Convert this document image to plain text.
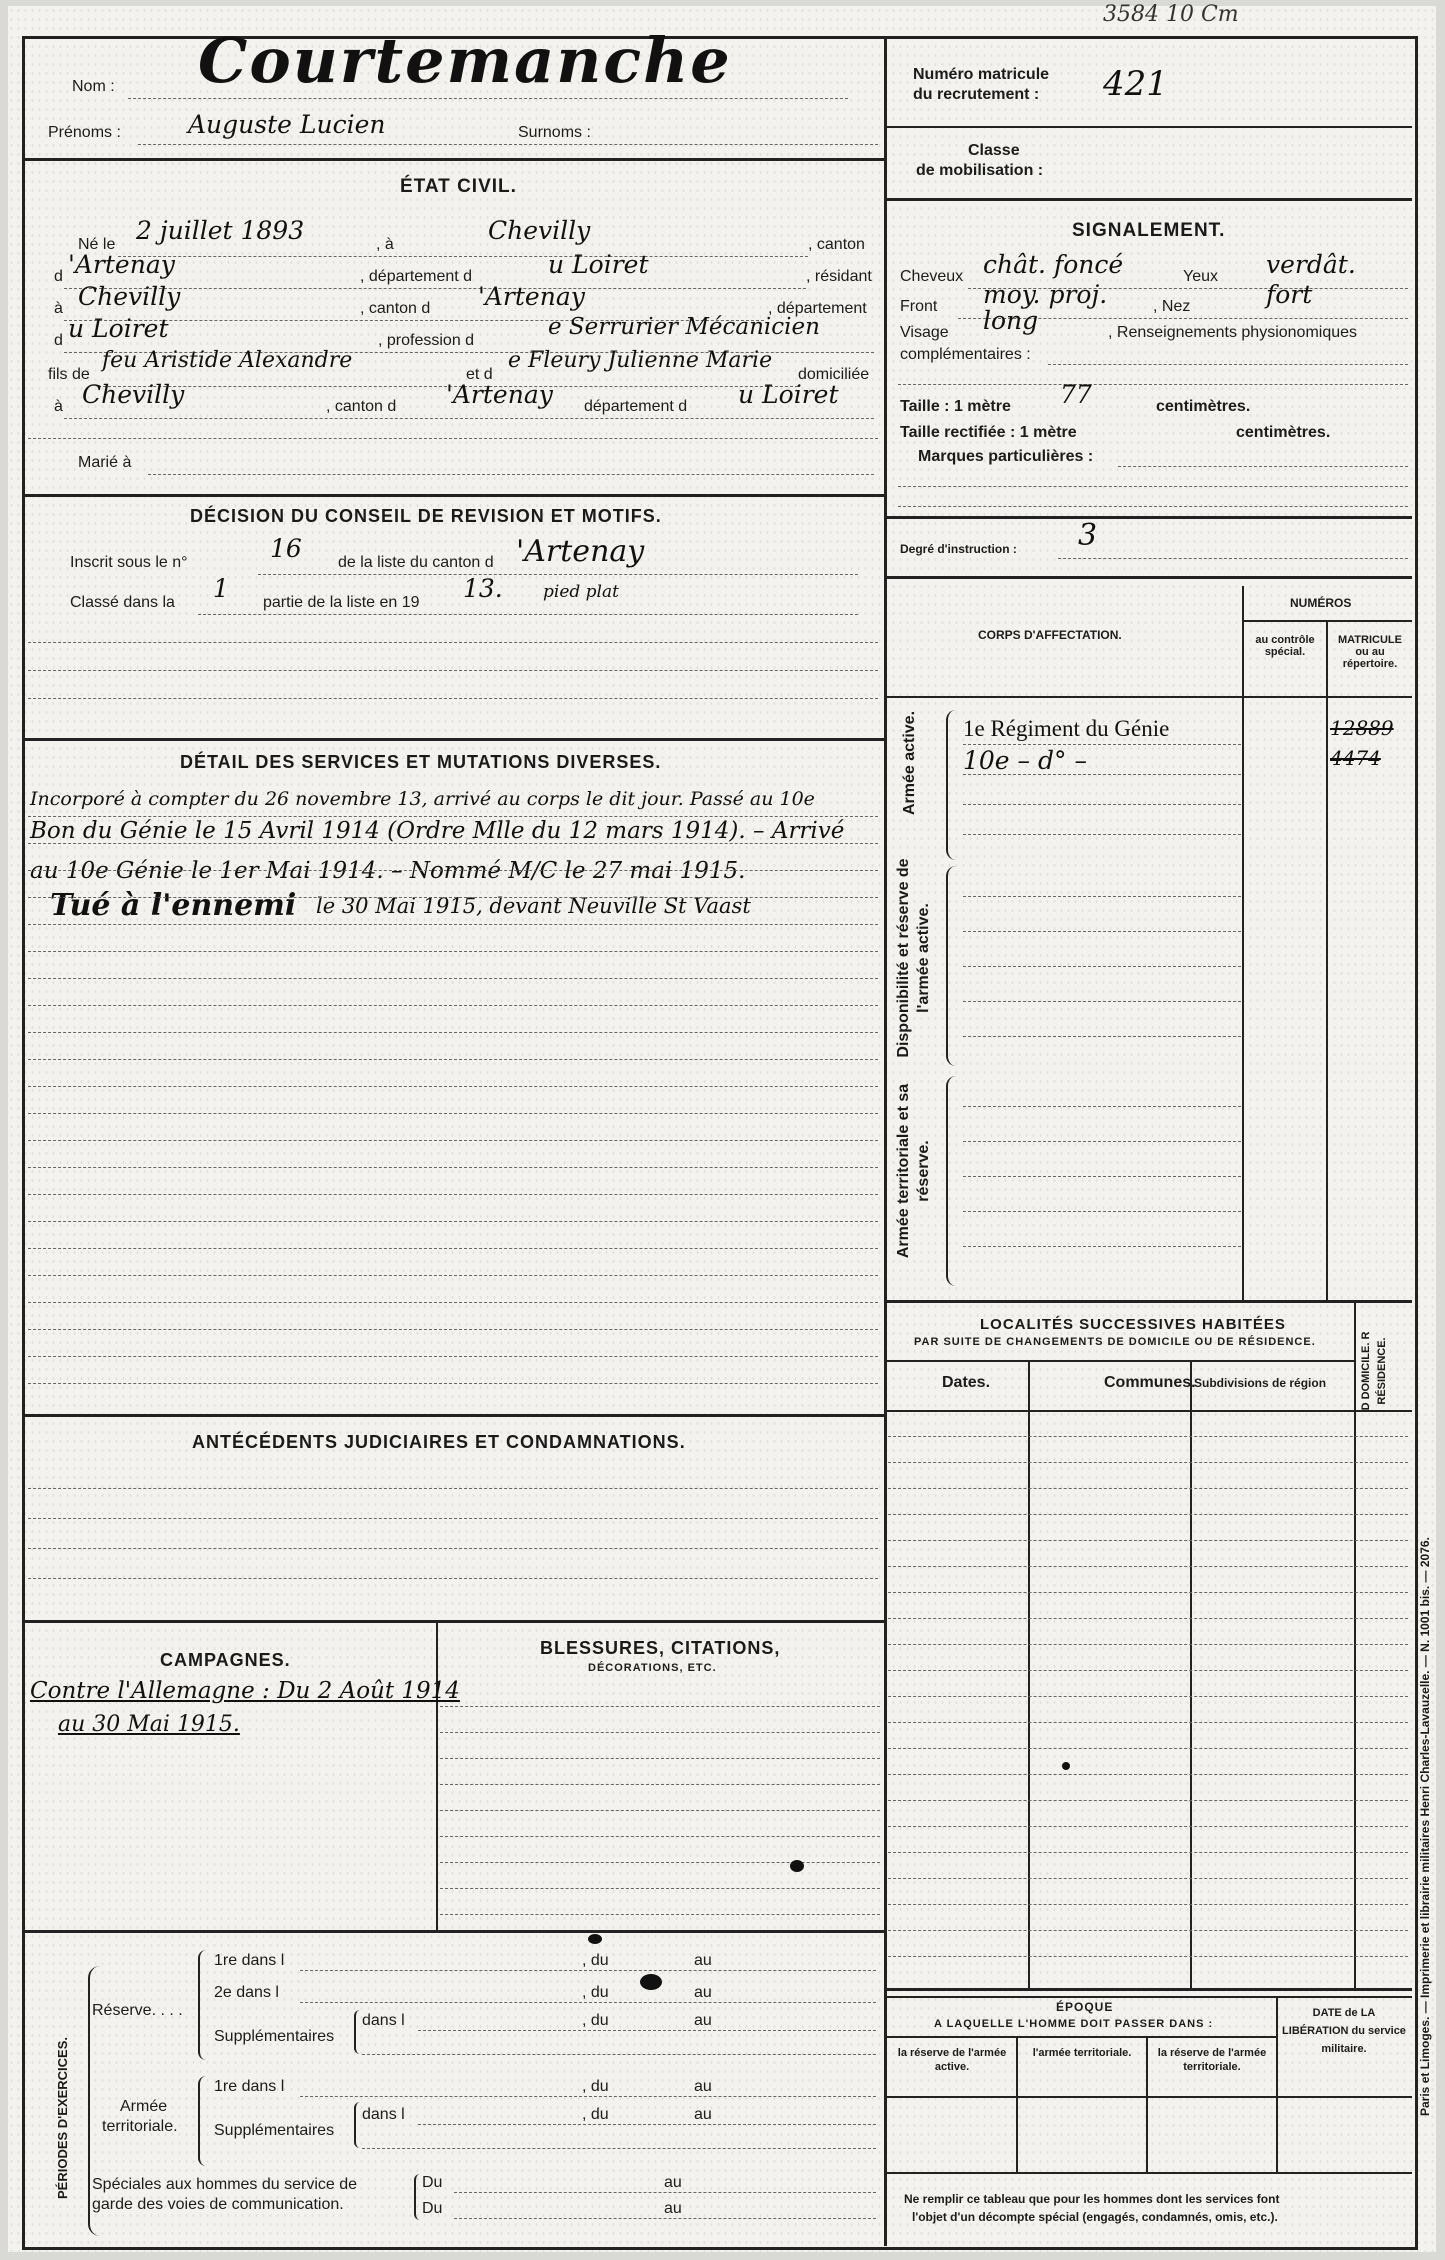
3584 10 Cm
Nom : Courtemanche
Prénoms :	Auguste Lucien	Surnoms :
Numéro matricule
du recrutement : 421
Classe
de mobilisation :
ÉTAT CIVIL.
Né le 2 juillet 1893	, à	Chevilly	, canton
d 'Artenay	, département d	u Loiret	, résidant
à Chevilly	, canton d 'Artenay	, département
d u Loiret	, profession d
e Serrurier Mécanicien
fils de
feu Aristide Alexandre
et d
e Fleury Julienne Marie
domiciliée
à Chevilly	, canton d 'Artenay département d u Loiret
Marié à
SIGNALEMENT.
Cheveux chât. foncé	Yeux verdât.
Front moy. proj.	, Nez	fort
Visage long	, Renseignements physionomiques
complémentaires :
Taille : 1 mètre 77	centimètres.
Taille rectifiée : 1 mètre	centimètres.
Marques particulières :
DÉCISION DU CONSEIL DE REVISION ET MOTIFS.
Inscrit sous le n°	16 de la liste du canton d 'Artenay
Classé dans la 1 partie de la liste en 19 13. pied plat
Degré d'instruction : 3
CORPS D'AFFECTATION.
NUMÉROS
au contrôle spécial.
MATRICULE ou au répertoire.
Armée active.
Disponibilité et réserve de l'armée active.
Armée territoriale et sa réserve.
1e Régiment du Génie	12889
10e – d° –	4474
DÉTAIL DES SERVICES ET MUTATIONS DIVERSES.
Incorporé à compter du 26 novembre 13, arrivé au corps le dit jour. Passé au 10e
Bon du Génie le 15 Avril 1914 (Ordre Mlle du 12 mars 1914). – Arrivé
au 10e Génie le 1er Mai 1914. – Nommé M/C le 27 mai 1915.
Tué à l'ennemi le 30 Mai 1915, devant Neuville St Vaast
LOCALITÉS SUCCESSIVES HABITÉES
PAR SUITE DE CHANGEMENTS DE DOMICILE OU DE RÉSIDENCE.
Dates.	Communes.
Subdivisions de région	D DOMICILE. R RÉSIDENCE.
ANTÉCÉDENTS JUDICIAIRES ET CONDAMNATIONS.
CAMPAGNES.
Contre l'Allemagne : Du 2 Août 1914
au 30 Mai 1915.
BLESSURES, CITATIONS,
DÉCORATIONS, ETC.
PÉRIODES D'EXERCICES.
Réserve. . . .
1re dans l	, du	au
2e dans l	, du	au
Supplémentaires
dans l	, du	au
Armée
territoriale.
1re dans l	, du	au
Supplémentaires
dans l	, du	au
Spéciales aux hommes du service de
garde des voies de communication.
Du	au
Du	au
ÉPOQUE
A LAQUELLE L'HOMME DOIT PASSER DANS :
la réserve de l'armée active.
l'armée territoriale.	la réserve de l'armée territoriale.
DATE de LA LIBÉRATION du service militaire.
Ne remplir ce tableau que pour les hommes dont les services font
l'objet d'un décompte spécial (engagés, condamnés, omis, etc.).
Paris et Limoges. — Imprimerie et librairie militaires Henri Charles-Lavauzelle. — N. 1001 bis. — 2076.
